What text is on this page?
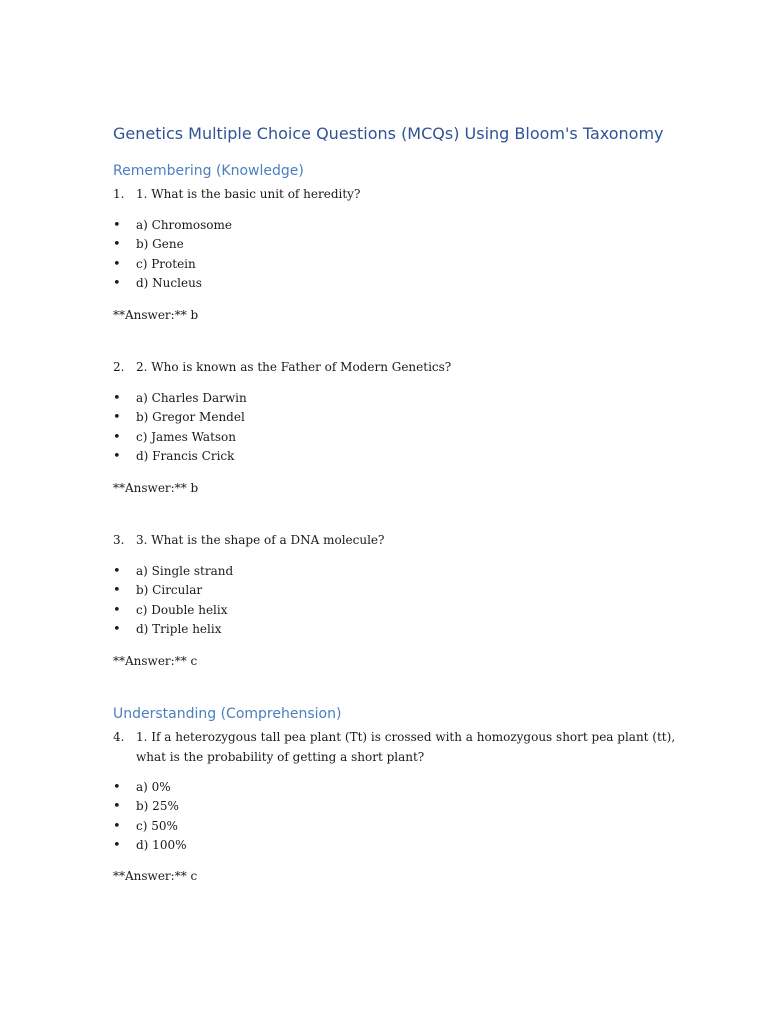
Genetics Multiple Choice Questions (MCQs) Using Bloom's Taxonomy
Remembering (Knowledge)
1. 1. What is the basic unit of heredity?
• a) Chromosome
• b) Gene
• c) Protein
• d) Nucleus
**Answer:** b
2. 2. Who is known as the Father of Modern Genetics?
• a) Charles Darwin
• b) Gregor Mendel
• c) James Watson
• d) Francis Crick
**Answer:** b
3. 3. What is the shape of a DNA molecule?
• a) Single strand
• b) Circular
• c) Double helix
• d) Triple helix
**Answer:** c
Understanding (Comprehension)
4. 1. If a heterozygous tall pea plant (Tt) is crossed with a homozygous short pea plant (tt), what is the probability of getting a short plant?
• a) 0%
• b) 25%
• c) 50%
• d) 100%
**Answer:** c
